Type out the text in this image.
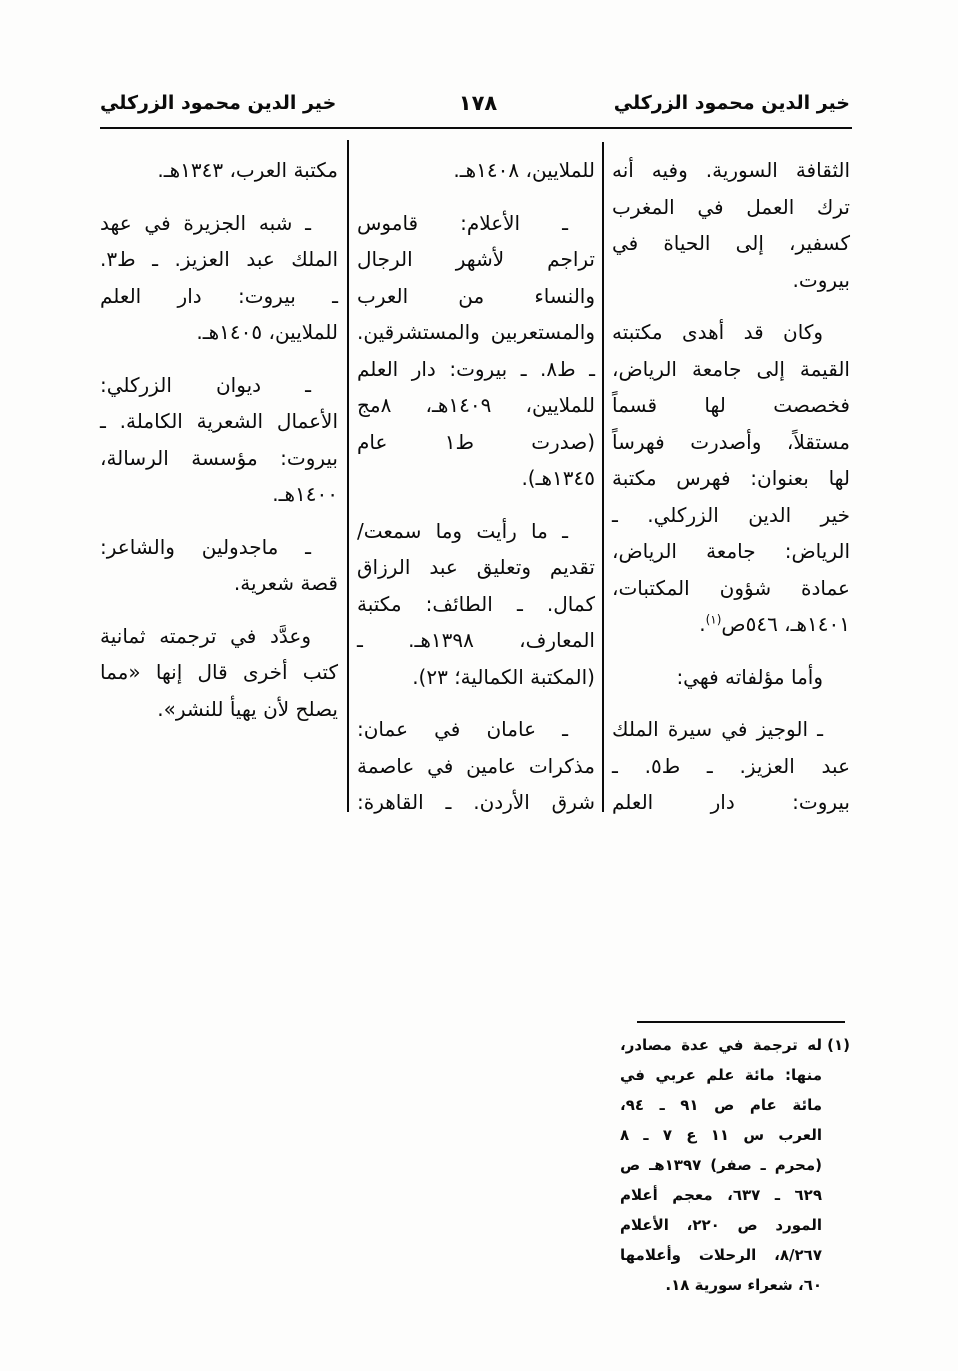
خير الدين محمود الزركلي
١٧٨
خير الدين محمود الزركلي
الثقافة السورية. وفيه أنه
ترك العمل في المغرب
كسفير، إلى الحياة في
بيروت.
وكان قد أهدى مكتبته
القيمة إلى جامعة الرياض،
فخصصت لها قسماً
مستقلاً، وأصدرت فهرساً
لها بعنوان: فهرس مكتبة
خير الدين الزركلي. ـ
الرياض: جامعة الرياض،
عمادة شؤون المكتبات،
١٤٠١هـ، ٥٤٦ص$^{(١)}$.
وأما مؤلفاته فهي:
ـ الوجيز في سيرة الملك
عبد العزيز. ـ ط٥. ـ
بيروت: دار العلم
للملايين، ١٤٠٨هـ.
ـ الأعلام: قاموس
تراجم لأشهر الرجال
والنساء من العرب
والمستعربين والمستشرقين.
ـ ط٨. ـ بيروت: دار العلم
للملايين، ١٤٠٩هـ، ٨مج
(صدرت ط١ عام
١٣٤٥هـ).
ـ ما رأيت وما سمعت/
تقديم وتعليق عبد الرزاق
كمال. ـ الطائف: مكتبة
المعارف، ١٣٩٨هـ. ـ
(المكتبة الكمالية؛ ٢٣).
ـ عامان في عمان:
مذكرات عامين في عاصمة
شرق الأردن. ـ القاهرة:
مكتبة العرب، ١٣٤٣هـ.
ـ شبه الجزيرة في عهد
الملك عبد العزيز. ـ ط٣.
ـ بيروت: دار العلم
للملايين، ١٤٠٥هـ.
ـ ديوان الزركلي:
الأعمال الشعرية الكاملة. ـ
بيروت: مؤسسة الرسالة،
١٤٠٠هـ.
ـ ماجدولين والشاعر:
قصة شعرية.
وعدَّد في ترجمته ثمانية
كتب أخرى قال إنها «مما
يصلح لأن يهيأ للنشر».
(١)
له ترجمة في عدة مصادر،
منها: مائة علم عربي في
مائة عام ص ٩١ ـ ٩٤،
العرب س ١١ ع ٧ ـ ٨
(محرم ـ صفر) ١٣٩٧هـ ص
٦٢٩ ـ ٦٣٧، معجم أعلام
المورد ص ٢٢٠، الأعلام
٨/٢٦٧، الرحلات وأعلامها
٦٠، شعراء سورية ١٨.
